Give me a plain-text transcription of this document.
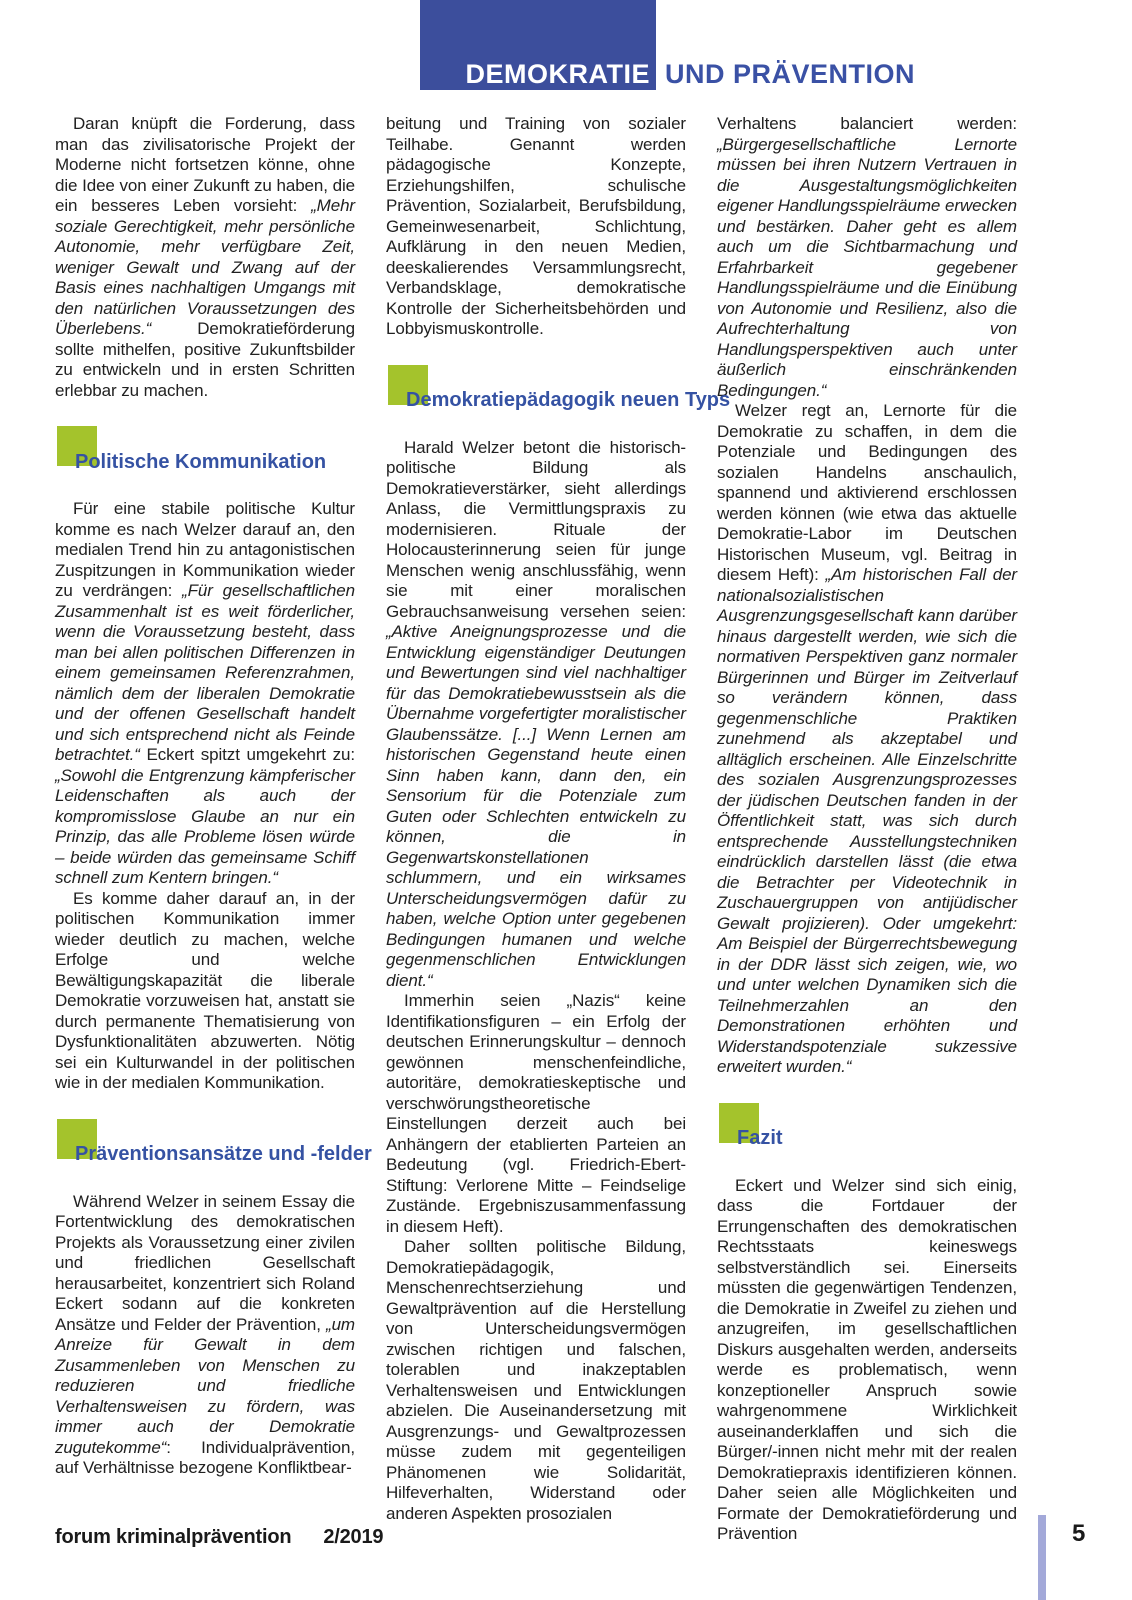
DEMOKRATIE UND PRÄVENTION

Daran knüpft die Forderung, dass man das zivilisatorische Projekt der Moderne nicht fortsetzen könne, ohne die Idee von einer Zukunft zu haben, die ein besseres Leben vorsieht: „Mehr soziale Gerechtigkeit, mehr persönliche Autonomie, mehr verfügbare Zeit, weniger Gewalt und Zwang auf der Basis eines nachhaltigen Umgangs mit den natürlichen Voraussetzungen des Überlebens.“ Demokratieförderung sollte mithelfen, positive Zukunftsbilder zu entwickeln und in ersten Schritten erlebbar zu machen.

Politische Kommunikation

Für eine stabile politische Kultur komme es nach Welzer darauf an, den medialen Trend hin zu antagonistischen Zuspitzungen in Kommunikation wieder zu verdrängen: „Für gesellschaftlichen Zusammenhalt ist es weit förderlicher, wenn die Voraussetzung besteht, dass man bei allen politischen Differenzen in einem gemeinsamen Referenzrahmen, nämlich dem der liberalen Demokratie und der offenen Gesellschaft handelt und sich entsprechend nicht als Feinde betrachtet.“ Eckert spitzt umgekehrt zu: „Sowohl die Entgrenzung kämpferischer Leidenschaften als auch der kompromisslose Glaube an nur ein Prinzip, das alle Probleme lösen würde – beide würden das gemeinsame Schiff schnell zum Kentern bringen.“

Es komme daher darauf an, in der politischen Kommunikation immer wieder deutlich zu machen, welche Erfolge und welche Bewältigungskapazität die liberale Demokratie vorzuweisen hat, anstatt sie durch permanente Thematisierung von Dysfunktionalitäten abzuwerten. Nötig sei ein Kulturwandel in der politischen wie in der medialen Kommunikation.

Präventionsansätze und -felder

Während Welzer in seinem Essay die Fortentwicklung des demokratischen Projekts als Voraussetzung einer zivilen und friedlichen Gesellschaft herausarbeitet, konzentriert sich Roland Eckert sodann auf die konkreten Ansätze und Felder der Prävention, „um Anreize für Gewalt in dem Zusammenleben von Menschen zu reduzieren und friedliche Verhaltensweisen zu fördern, was immer auch der Demokratie zugutekomme“: Individualprävention, auf Verhältnisse bezogene Konfliktbear-

beitung und Training von sozialer Teilhabe. Genannt werden pädagogische Konzepte, Erziehungshilfen, schulische Prävention, Sozialarbeit, Berufsbildung, Gemeinwesenarbeit, Schlichtung, Aufklärung in den neuen Medien, deeskalierendes Versammlungsrecht, Verbandsklage, demokratische Kontrolle der Sicherheitsbehörden und Lobbyismuskontrolle.

Demokratiepädagogik neuen Typs

Harald Welzer betont die historisch-politische Bildung als Demokratieverstärker, sieht allerdings Anlass, die Vermittlungspraxis zu modernisieren. Rituale der Holocausterinnerung seien für junge Menschen wenig anschlussfähig, wenn sie mit einer moralischen Gebrauchsanweisung versehen seien: „Aktive Aneignungsprozesse und die Entwicklung eigenständiger Deutungen und Bewertungen sind viel nachhaltiger für das Demokratiebewusstsein als die Übernahme vorgefertigter moralistischer Glaubenssätze. [...] Wenn Lernen am historischen Gegenstand heute einen Sinn haben kann, dann den, ein Sensorium für die Potenziale zum Guten oder Schlechten entwickeln zu können, die in Gegenwartskonstellationen schlummern, und ein wirksames Unterscheidungsvermögen dafür zu haben, welche Option unter gegebenen Bedingungen humanen und welche gegenmenschlichen Entwicklungen dient.“

Immerhin seien „Nazis“ keine Identifikationsfiguren – ein Erfolg der deutschen Erinnerungskultur – dennoch gewönnen menschenfeindliche, autoritäre, demokratieskeptische und verschwörungstheoretische Einstellungen derzeit auch bei Anhängern der etablierten Parteien an Bedeutung (vgl. Friedrich-Ebert-Stiftung: Verlorene Mitte – Feindselige Zustände. Ergebniszusammenfassung in diesem Heft).

Daher sollten politische Bildung, Demokratiepädagogik, Menschenrechtserziehung und Gewaltprävention auf die Herstellung von Unterscheidungsvermögen zwischen richtigen und falschen, tolerablen und inakzeptablen Verhaltensweisen und Entwicklungen abzielen. Die Auseinandersetzung mit Ausgrenzungs- und Gewaltprozessen müsse zudem mit gegenteiligen Phänomenen wie Solidarität, Hilfeverhalten, Widerstand oder anderen Aspekten prosozialen

Verhaltens balanciert werden: „Bürgergesellschaftliche Lernorte müssen bei ihren Nutzern Vertrauen in die Ausgestaltungsmöglichkeiten eigener Handlungsspielräume erwecken und bestärken. Daher geht es allem auch um die Sichtbarmachung und Erfahrbarkeit gegebener Handlungsspielräume und die Einübung von Autonomie und Resilienz, also die Aufrechterhaltung von Handlungsperspektiven auch unter äußerlich einschränkenden Bedingungen.“

Welzer regt an, Lernorte für die Demokratie zu schaffen, in dem die Potenziale und Bedingungen des sozialen Handelns anschaulich, spannend und aktivierend erschlossen werden können (wie etwa das aktuelle Demokratie-Labor im Deutschen Historischen Museum, vgl. Beitrag in diesem Heft): „Am historischen Fall der nationalsozialistischen Ausgrenzungsgesellschaft kann darüber hinaus dargestellt werden, wie sich die normativen Perspektiven ganz normaler Bürgerinnen und Bürger im Zeitverlauf so verändern können, dass gegenmenschliche Praktiken zunehmend als akzeptabel und alltäglich erscheinen. Alle Einzelschritte des sozialen Ausgrenzungsprozesses der jüdischen Deutschen fanden in der Öffentlichkeit statt, was sich durch entsprechende Ausstellungstechniken eindrücklich darstellen lässt (die etwa die Betrachter per Videotechnik in Zuschauergruppen von antijüdischer Gewalt projizieren). Oder umgekehrt: Am Beispiel der Bürgerrechtsbewegung in der DDR lässt sich zeigen, wie, wo und unter welchen Dynamiken sich die Teilnehmerzahlen an den Demonstrationen erhöhten und Widerstandspotenziale sukzessive erweitert wurden.“

Fazit

Eckert und Welzer sind sich einig, dass die Fortdauer der Errungenschaften des demokratischen Rechtsstaats keineswegs selbstverständlich sei. Einerseits müssten die gegenwärtigen Tendenzen, die Demokratie in Zweifel zu ziehen und anzugreifen, im gesellschaftlichen Diskurs ausgehalten werden, anderseits werde es problematisch, wenn konzeptioneller Anspruch sowie wahrgenommene Wirklichkeit auseinanderklaffen und sich die Bürger/-innen nicht mehr mit der realen Demokratiepraxis identifizieren können. Daher seien alle Möglichkeiten und Formate der Demokratieförderung und Prävention

forum kriminalprävention 2/2019	5
